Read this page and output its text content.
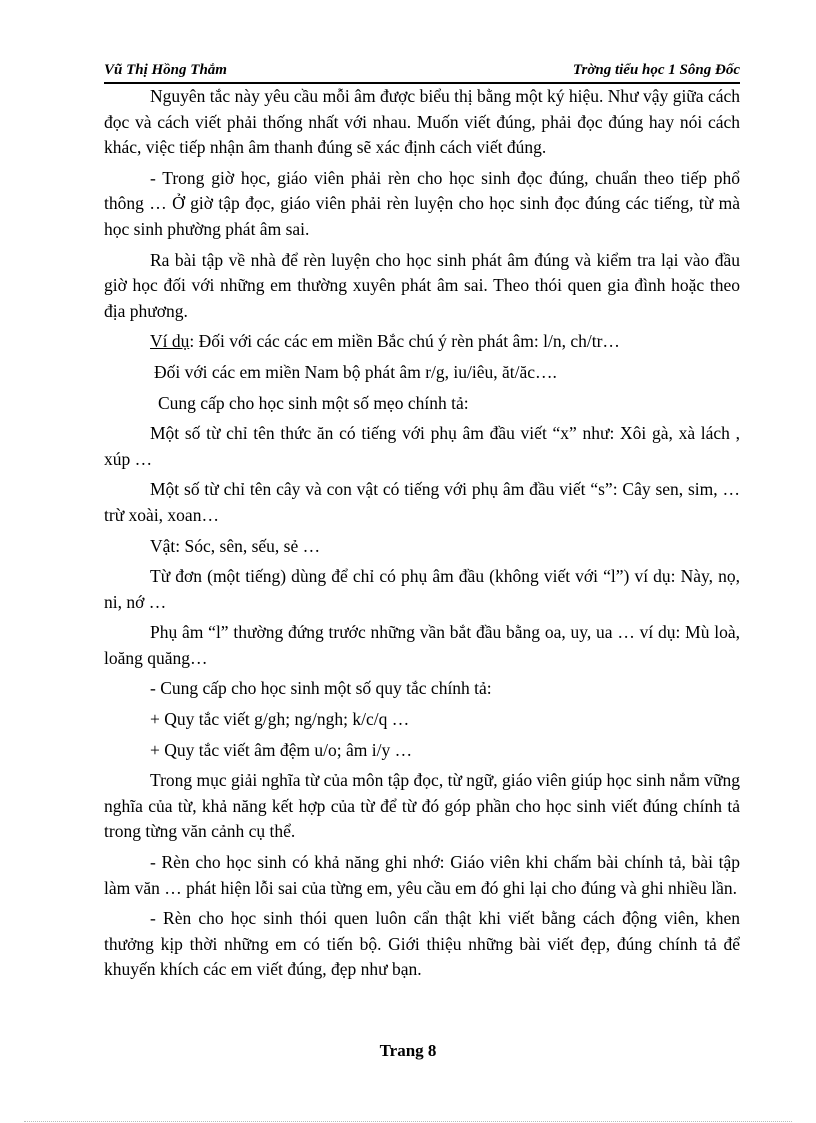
Vũ Thị Hồng Thắm	Trờng tiểu học 1 Sông Đốc

Nguyên tắc này yêu cầu mỗi âm được biểu thị bằng một ký hiệu. Như vậy giữa cách đọc và cách viết phải thống nhất với nhau. Muốn viết đúng, phải đọc đúng hay nói cách khác, việc tiếp nhận âm thanh đúng sẽ xác định cách viết đúng.

- Trong giờ học, giáo viên phải rèn cho học sinh đọc đúng, chuẩn theo tiếp phổ thông … Ở giờ tập đọc, giáo viên phải rèn luyện cho học sinh đọc đúng các tiếng, từ mà học sinh phường phát âm sai.

Ra bài tập về nhà để rèn luyện cho học sinh phát âm đúng và kiểm tra lại vào đầu giờ học đối với những em thường xuyên phát âm sai. Theo thói quen gia đình hoặc theo địa phương.

Ví dụ: Đối với các các em miền Bắc chú ý rèn phát âm: l/n, ch/tr…

Đối với các em miền Nam bộ phát âm r/g, iu/iêu, ăt/ăc….

Cung cấp cho học sinh một số mẹo chính tả:

Một số từ chỉ tên thức ăn có tiếng với phụ âm đầu viết “x” như: Xôi gà, xà lách , xúp …

Một số từ chỉ tên cây và con vật có tiếng với phụ âm đầu viết “s”: Cây sen, sim, … trừ xoài, xoan…

Vật: Sóc, sên, sếu, sẻ …

Từ đơn (một tiếng) dùng để chỉ có phụ âm đầu (không viết với “l”) ví dụ: Này, nọ, ni, nớ …

Phụ âm “l” thường đứng trước những vần bắt đầu bằng oa, uy, ua … ví dụ: Mù loà, loăng quăng…

- Cung cấp cho học sinh một số quy tắc chính tả:

+ Quy tắc viết g/gh; ng/ngh; k/c/q …

+ Quy tắc viết âm đệm u/o; âm i/y …

Trong mục giải nghĩa từ của môn tập đọc, từ ngữ, giáo viên giúp học sinh nắm vững nghĩa của từ, khả năng kết hợp của từ để từ đó góp phần cho học sinh viết đúng chính tả trong từng văn cảnh cụ thể.

- Rèn cho học sinh có khả năng ghi nhớ: Giáo viên khi chấm bài chính tả, bài tập làm văn … phát hiện lỗi sai của từng em, yêu cầu em đó ghi lại cho đúng và ghi nhiều lần.

- Rèn cho học sinh thói quen luôn cẩn thật khi viết bằng cách động viên, khen thưởng kịp thời những em có tiến bộ. Giới thiệu những bài viết đẹp, đúng chính tả để khuyến khích các em viết đúng, đẹp như bạn.

Trang 8
